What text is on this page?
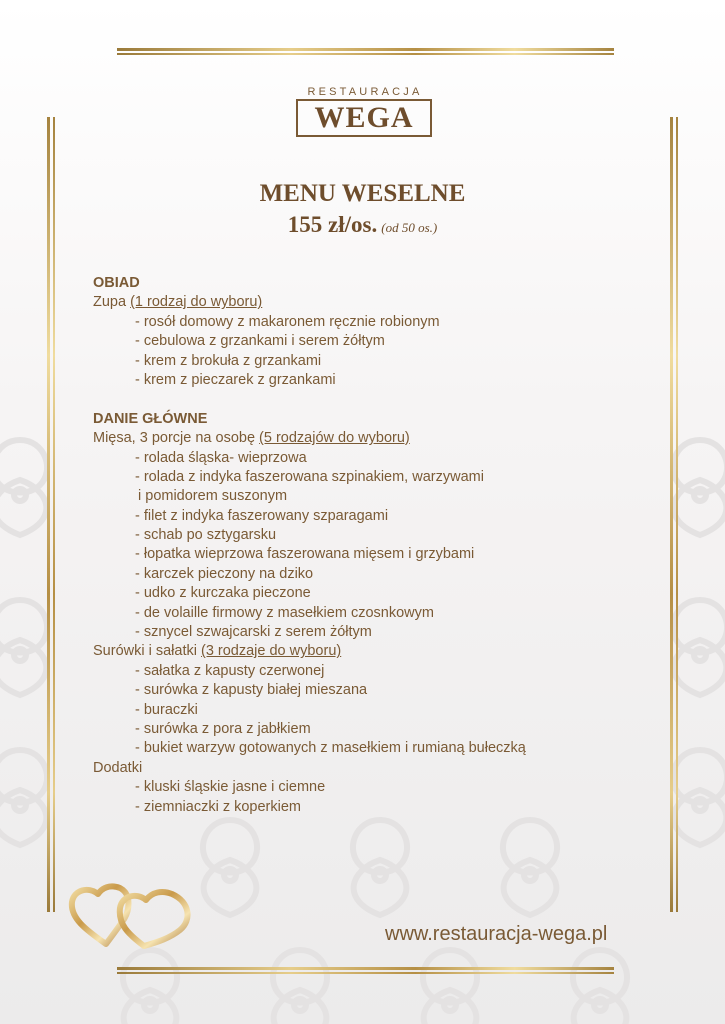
RESTAURACJA
WEGA
MENU WESELNE
155 zł/os. (od 50 os.)
OBIAD
Zupa (1 rodzaj do wyboru)
- rosół domowy z makaronem ręcznie robionym
- cebulowa z grzankami i serem żółtym
- krem z brokuła z grzankami
- krem z pieczarek z grzankami
DANIE GŁÓWNE
Mięsa, 3 porcje na osobę (5 rodzajów do wyboru)
- rolada śląska- wieprzowa
- rolada z indyka faszerowana szpinakiem, warzywami
i pomidorem suszonym
- filet z indyka faszerowany szparagami
- schab po sztygarsku
- łopatka wieprzowa faszerowana mięsem i grzybami
- karczek pieczony na dziko
- udko z kurczaka pieczone
- de volaille firmowy z masełkiem czosnkowym
- sznycel szwajcarski z serem żółtym
Surówki i sałatki (3 rodzaje do wyboru)
- sałatka z kapusty czerwonej
- surówka z kapusty białej mieszana
- buraczki
- surówka z pora z jabłkiem
- bukiet warzyw gotowanych z masełkiem i rumianą bułeczką
Dodatki
- kluski śląskie jasne i ciemne
- ziemniaczki z koperkiem
www.restauracja-wega.pl
